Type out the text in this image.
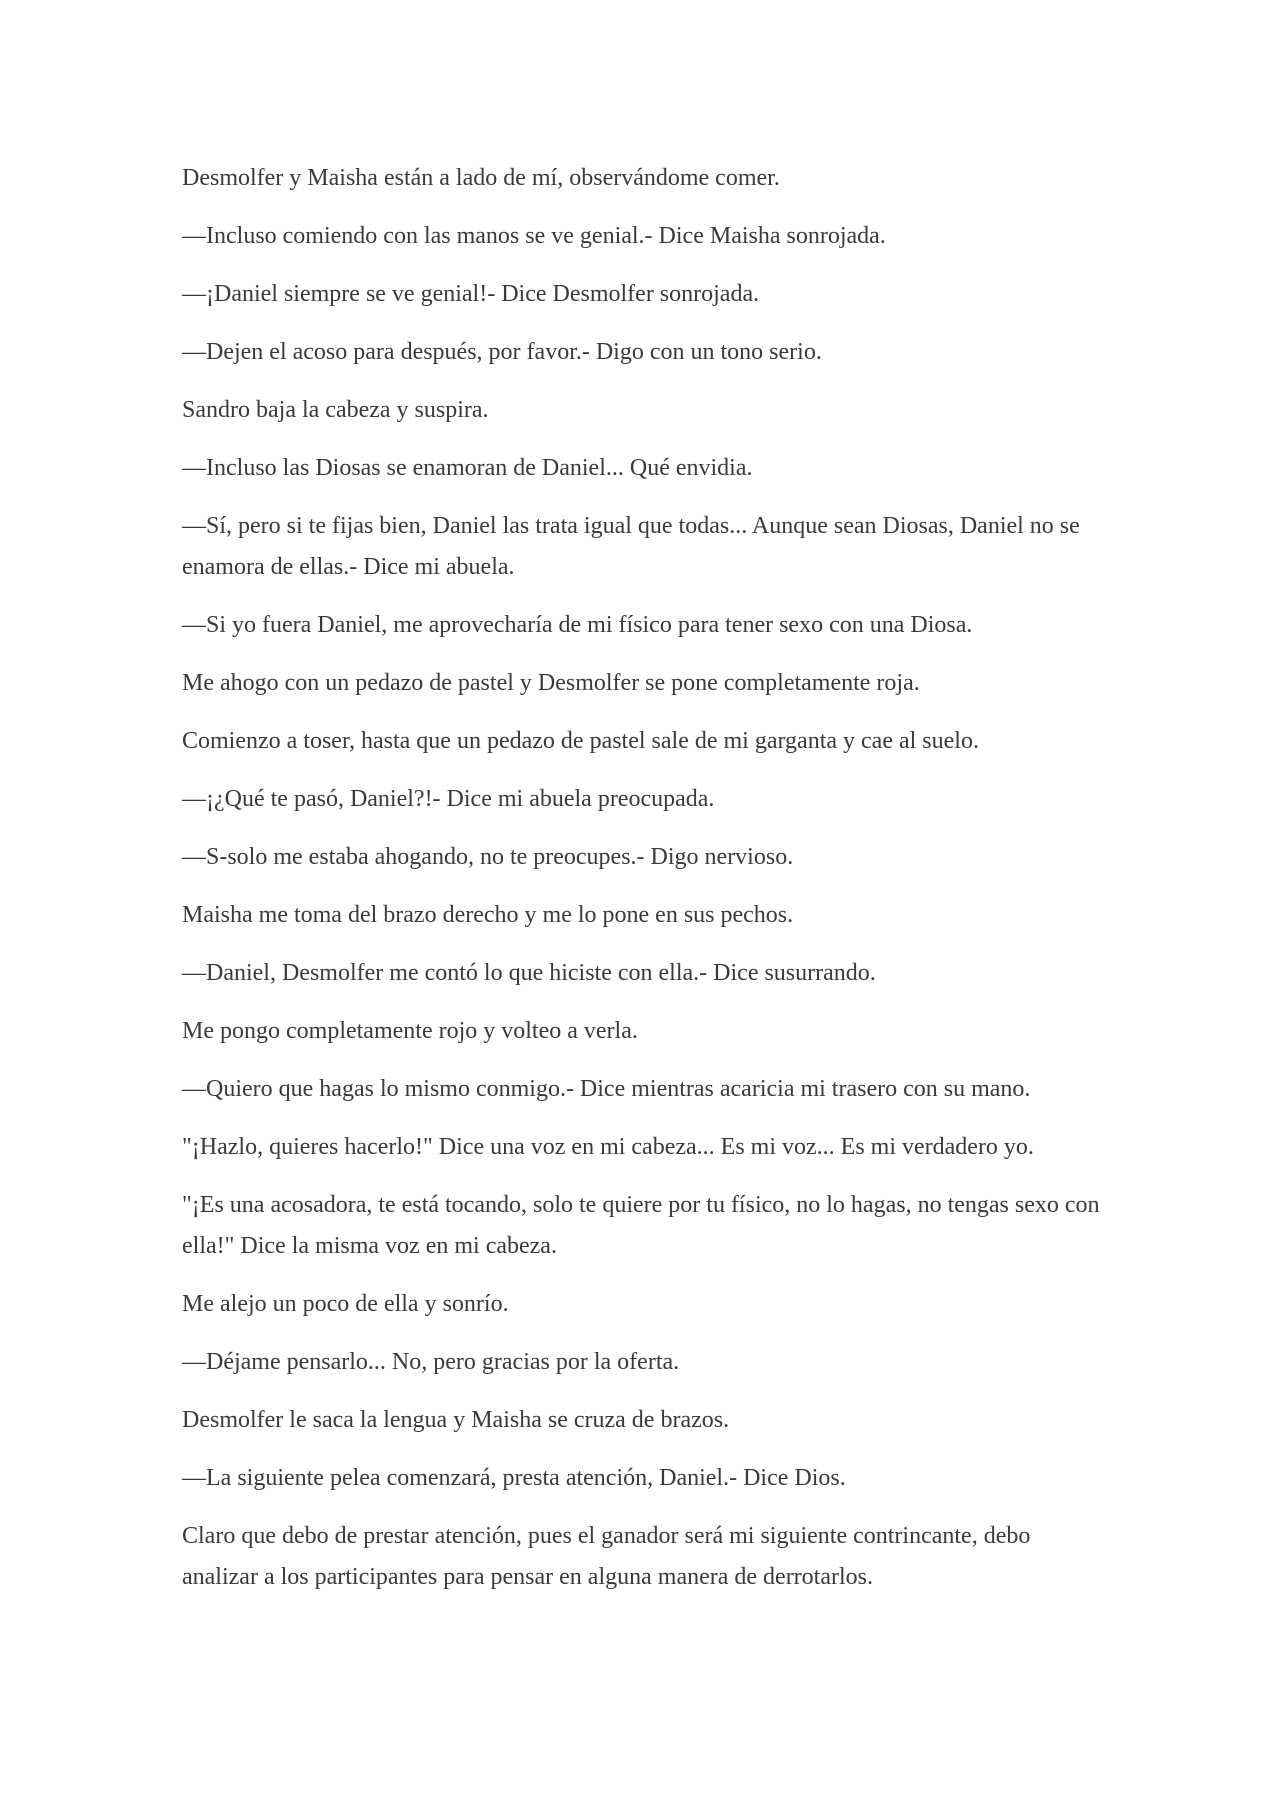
Desmolfer y Maisha están a lado de mí, observándome comer.

—Incluso comiendo con las manos se ve genial.- Dice Maisha sonrojada.

—¡Daniel siempre se ve genial!- Dice Desmolfer sonrojada.

—Dejen el acoso para después, por favor.- Digo con un tono serio.

Sandro baja la cabeza y suspira.

—Incluso las Diosas se enamoran de Daniel... Qué envidia.

—Sí, pero si te fijas bien, Daniel las trata igual que todas... Aunque sean Diosas, Daniel no se enamora de ellas.- Dice mi abuela.

—Si yo fuera Daniel, me aprovecharía de mi físico para tener sexo con una Diosa.

Me ahogo con un pedazo de pastel y Desmolfer se pone completamente roja.

Comienzo a toser, hasta que un pedazo de pastel sale de mi garganta y cae al suelo.

—¡¿Qué te pasó, Daniel?!- Dice mi abuela preocupada.

—S-solo me estaba ahogando, no te preocupes.- Digo nervioso.

Maisha me toma del brazo derecho y me lo pone en sus pechos.

—Daniel, Desmolfer me contó lo que hiciste con ella.- Dice susurrando.

Me pongo completamente rojo y volteo a verla.

—Quiero que hagas lo mismo conmigo.- Dice mientras acaricia mi trasero con su mano.

"¡Hazlo, quieres hacerlo!" Dice una voz en mi cabeza... Es mi voz... Es mi verdadero yo.

"¡Es una acosadora, te está tocando, solo te quiere por tu físico, no lo hagas, no tengas sexo con ella!" Dice la misma voz en mi cabeza.

Me alejo un poco de ella y sonrío.

—Déjame pensarlo... No, pero gracias por la oferta.

Desmolfer le saca la lengua y Maisha se cruza de brazos.

—La siguiente pelea comenzará, presta atención, Daniel.- Dice Dios.

Claro que debo de prestar atención, pues el ganador será mi siguiente contrincante, debo analizar a los participantes para pensar en alguna manera de derrotarlos.
